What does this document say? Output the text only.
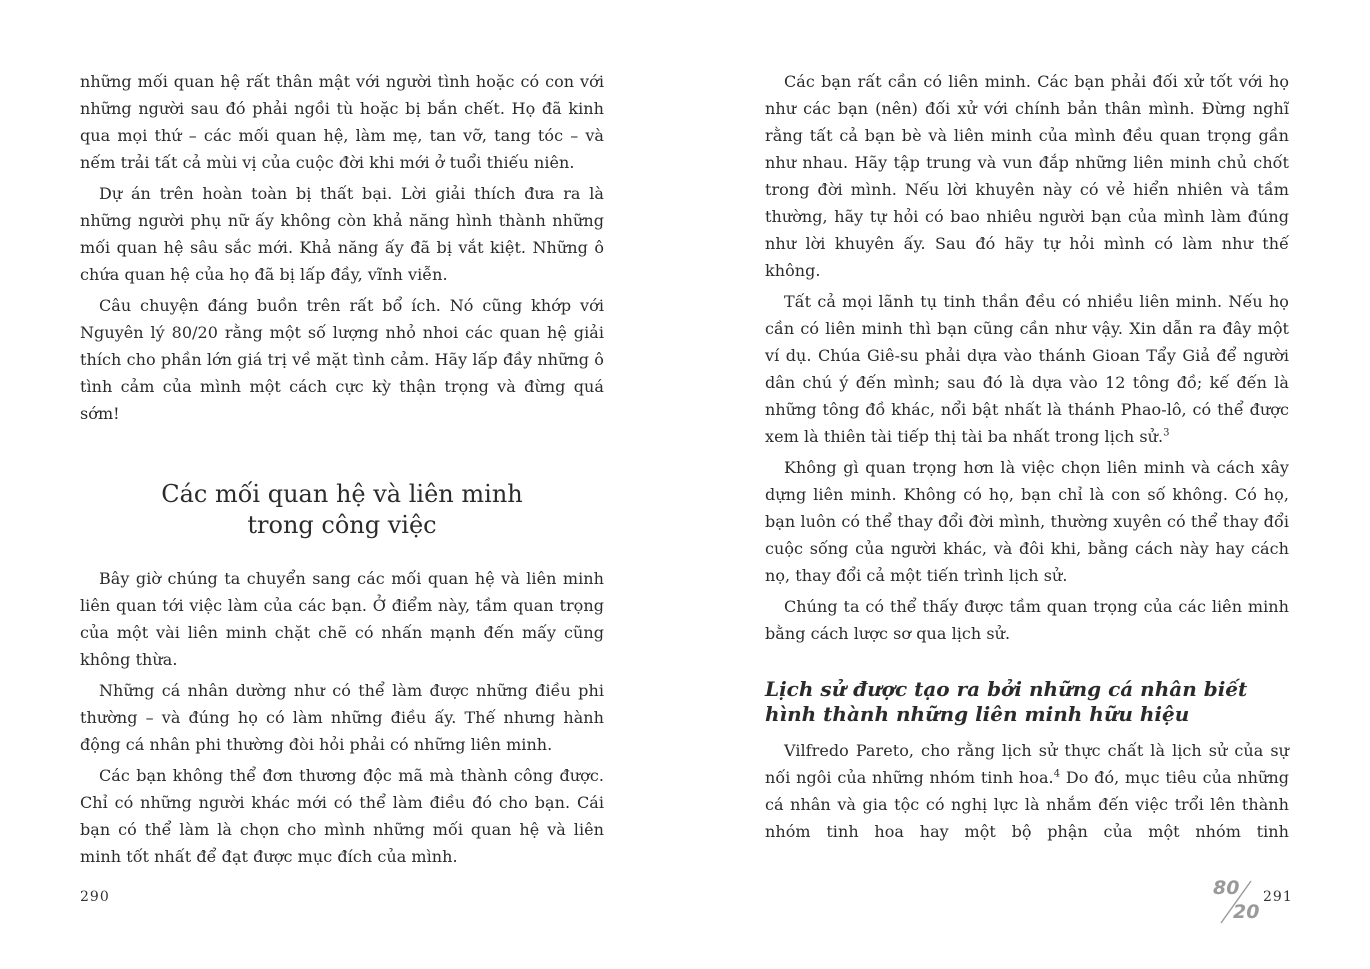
những mối quan hệ rất thân mật với người tình hoặc có con với những người sau đó phải ngồi tù hoặc bị bắn chết. Họ đã kinh qua mọi thứ – các mối quan hệ, làm mẹ, tan vỡ, tang tóc – và nếm trải tất cả mùi vị của cuộc đời khi mới ở tuổi thiếu niên.

Dự án trên hoàn toàn bị thất bại. Lời giải thích đưa ra là những người phụ nữ ấy không còn khả năng hình thành những mối quan hệ sâu sắc mới. Khả năng ấy đã bị vắt kiệt. Những ô chứa quan hệ của họ đã bị lấp đầy, vĩnh viễn.

Câu chuyện đáng buồn trên rất bổ ích. Nó cũng khớp với Nguyên lý 80/20 rằng một số lượng nhỏ nhoi các quan hệ giải thích cho phần lớn giá trị về mặt tình cảm. Hãy lấp đầy những ô tình cảm của mình một cách cực kỳ thận trọng và đừng quá sớm!

Các mối quan hệ và liên minh
trong công việc

Bây giờ chúng ta chuyển sang các mối quan hệ và liên minh liên quan tới việc làm của các bạn. Ở điểm này, tầm quan trọng của một vài liên minh chặt chẽ có nhấn mạnh đến mấy cũng không thừa.

Những cá nhân dường như có thể làm được những điều phi thường – và đúng họ có làm những điều ấy. Thế nhưng hành động cá nhân phi thường đòi hỏi phải có những liên minh.

Các bạn không thể đơn thương độc mã mà thành công được. Chỉ có những người khác mới có thể làm điều đó cho bạn. Cái bạn có thể làm là chọn cho mình những mối quan hệ và liên minh tốt nhất để đạt được mục đích của mình.

290

Các bạn rất cần có liên minh. Các bạn phải đối xử tốt với họ như các bạn (nên) đối xử với chính bản thân mình. Đừng nghĩ rằng tất cả bạn bè và liên minh của mình đều quan trọng gần như nhau. Hãy tập trung và vun đắp những liên minh chủ chốt trong đời mình. Nếu lời khuyên này có vẻ hiển nhiên và tầm thường, hãy tự hỏi có bao nhiêu người bạn của mình làm đúng như lời khuyên ấy. Sau đó hãy tự hỏi mình có làm như thế không.

Tất cả mọi lãnh tụ tinh thần đều có nhiều liên minh. Nếu họ cần có liên minh thì bạn cũng cần như vậy. Xin dẫn ra đây một ví dụ. Chúa Giê-su phải dựa vào thánh Gioan Tẩy Giả để người dân chú ý đến mình; sau đó là dựa vào 12 tông đồ; kế đến là những tông đồ khác, nổi bật nhất là thánh Phao-lô, có thể được xem là thiên tài tiếp thị tài ba nhất trong lịch sử.$^3$

Không gì quan trọng hơn là việc chọn liên minh và cách xây dựng liên minh. Không có họ, bạn chỉ là con số không. Có họ, bạn luôn có thể thay đổi đời mình, thường xuyên có thể thay đổi cuộc sống của người khác, và đôi khi, bằng cách này hay cách nọ, thay đổi cả một tiến trình lịch sử.

Chúng ta có thể thấy được tầm quan trọng của các liên minh bằng cách lược sơ qua lịch sử.

Lịch sử được tạo ra bởi những cá nhân biết
hình thành những liên minh hữu hiệu

Vilfredo Pareto, cho rằng lịch sử thực chất là lịch sử của sự nối ngôi của những nhóm tinh hoa.$^4$ Do đó, mục tiêu của những cá nhân và gia tộc có nghị lực là nhắm đến việc trổi lên thành nhóm tinh hoa hay một bộ phận của một nhóm tinh

80
20
291
